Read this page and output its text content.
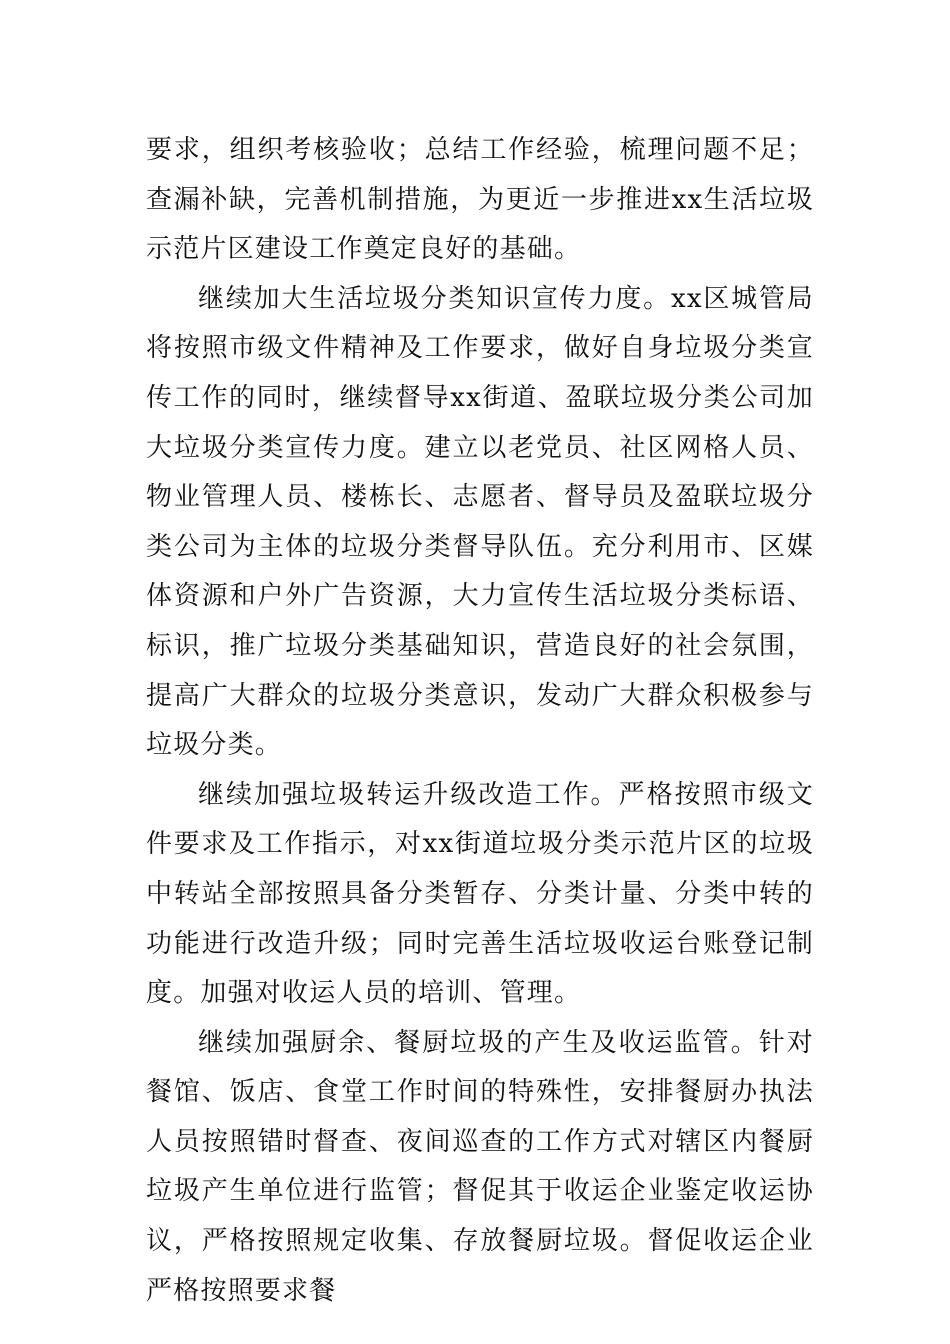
要求，组织考核验收；总结工作经验，梳理问题不足；查漏补缺，完善机制措施，为更近一步推进xx生活垃圾示范片区建设工作奠定良好的基础。

继续加大生活垃圾分类知识宣传力度。xx区城管局将按照市级文件精神及工作要求，做好自身垃圾分类宣传工作的同时，继续督导xx街道、盈联垃圾分类公司加大垃圾分类宣传力度。建立以老党员、社区网格人员、物业管理人员、楼栋长、志愿者、督导员及盈联垃圾分类公司为主体的垃圾分类督导队伍。充分利用市、区媒体资源和户外广告资源，大力宣传生活垃圾分类标语、标识，推广垃圾分类基础知识，营造良好的社会氛围，提高广大群众的垃圾分类意识，发动广大群众积极参与垃圾分类。

继续加强垃圾转运升级改造工作。严格按照市级文件要求及工作指示，对xx街道垃圾分类示范片区的垃圾中转站全部按照具备分类暂存、分类计量、分类中转的功能进行改造升级；同时完善生活垃圾收运台账登记制度。加强对收运人员的培训、管理。

继续加强厨余、餐厨垃圾的产生及收运监管。针对餐馆、饭店、食堂工作时间的特殊性，安排餐厨办执法人员按照错时督查、夜间巡查的工作方式对辖区内餐厨垃圾产生单位进行监管；督促其于收运企业鉴定收运协议，严格按照规定收集、存放餐厨垃圾。督促收运企业严格按照要求餐
